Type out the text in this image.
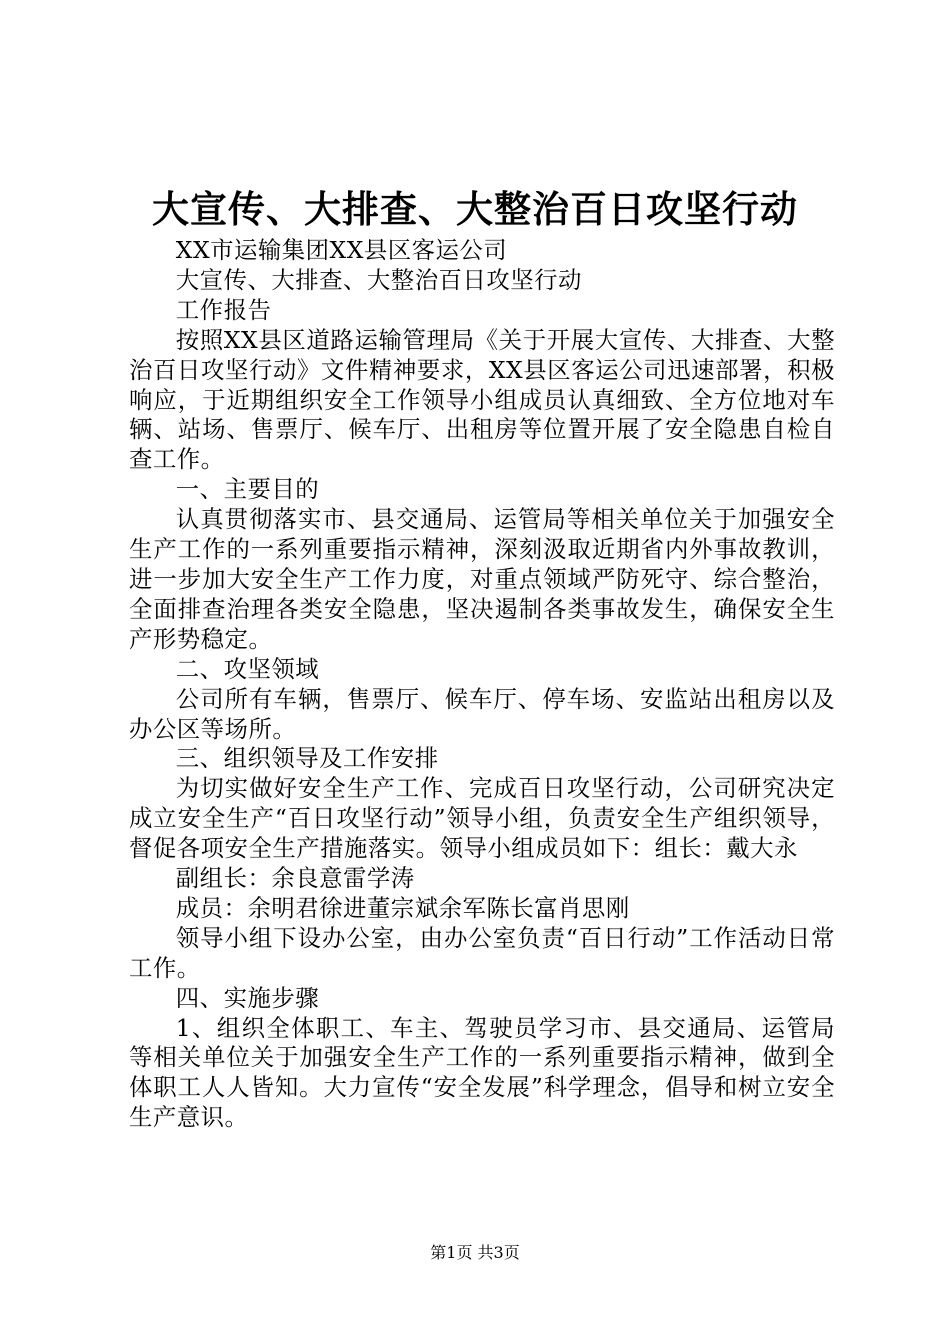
大宣传、大排查、大整治百日攻坚行动

XX市运输集团XX县区客运公司

大宣传、大排查、大整治百日攻坚行动

工作报告

按照XX县区道路运输管理局《关于开展大宣传、大排查、大整治百日攻坚行动》文件精神要求，XX县区客运公司迅速部署，积极响应，于近期组织安全工作领导小组成员认真细致、全方位地对车辆、站场、售票厅、候车厅、出租房等位置开展了安全隐患自检自查工作。

一、主要目的

认真贯彻落实市、县交通局、运管局等相关单位关于加强安全生产工作的一系列重要指示精神，深刻汲取近期省内外事故教训，进一步加大安全生产工作力度，对重点领域严防死守、综合整治，全面排查治理各类安全隐患，坚决遏制各类事故发生，确保安全生产形势稳定。

二、攻坚领域

公司所有车辆，售票厅、候车厅、停车场、安监站出租房以及办公区等场所。

三、组织领导及工作安排

为切实做好安全生产工作、完成百日攻坚行动，公司研究决定成立安全生产“百日攻坚行动”领导小组，负责安全生产组织领导，督促各项安全生产措施落实。领导小组成员如下：组长：戴大永

副组长：余良意雷学涛

成员：余明君徐进董宗斌余军陈长富肖思刚

领导小组下设办公室，由办公室负责“百日行动”工作活动日常工作。

四、实施步骤

1、组织全体职工、车主、驾驶员学习市、县交通局、运管局等相关单位关于加强安全生产工作的一系列重要指示精神，做到全体职工人人皆知。大力宣传“安全发展”科学理念，倡导和树立安全生产意识。

第1页 共3页
